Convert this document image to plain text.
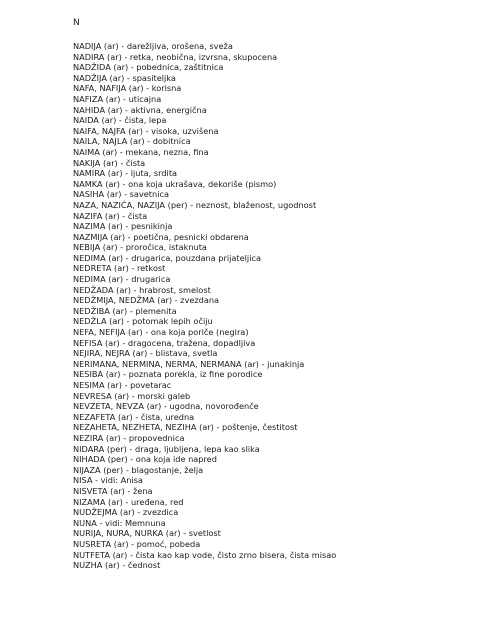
N

NADIJA (ar) - darežljiva, orošena, sveža
NADIRA (ar) - retka, neobična, izvrsna, skupocena
NADŽIDA (ar) - pobednica, zaštitnica
NADŽIJA (ar) - spasiteljka
NAFA, NAFIJA (ar) - korisna
NAFIZA (ar) - uticajna
NAHIDA (ar) - aktivna, energična
NAIDA (ar) - čista, lepa
NAIFA, NAJFA (ar) - visoka, uzvišena
NAILA, NAJLA (ar) - dobitnica
NAIMA (ar) - mekana, nezna, fina
NAKIJA (ar) - čista
NAMIRA (ar) - ljuta, srdita
NAMKA (ar) - ona koja ukrašava, dekoriše (pismo)
NASIHA (ar) - savetnica
NAZA, NAZIĆA, NAZIJA (per) - neznost, blaženost, ugodnost
NAZIFA (ar) - čista
NAZIMA (ar) - pesnikinja
NAZMIJA (ar) - poetična, pesnicki obdarena
NEBIJA (ar) - proročica, istaknuta
NEDIMA (ar) - drugarica, pouzdana prijateljica
NEDRETA (ar) - retkost
NEDIMA (ar) - drugarica
NEDŽADA (ar) - hrabrost, smelost
NEDŽMIJA, NEDŽMA (ar) - zvezdana
NEDŽIBA (ar) - plemenita
NEDŽLA (ar) - potomak lepih očiju
NEFA, NEFIJA (ar) - ona koja poriče (negira)
NEFISA (ar) - dragocena, tražena, dopadljiva
NEJIRA, NEJRA (ar) - blistava, svetla
NERIMANA, NERMINA, NERMA, NERMANA (ar) - junakinja
NESIBA (ar) - poznata porekla, iz fine porodice
NESIMA (ar) - povetarac
NEVRESA (ar) - morski galeb
NEVZETA, NEVZA (ar) - ugodna, novorođenče
NEZAFETA (ar) - čista, uredna
NEZAHETA, NEZHETA, NEZIHA (ar) - poštenje, čestitost
NEZIRA (ar) - propovednica
NIDARA (per) - draga, ljubljena, lepa kao slika
NIHADA (per) - ona koja ide napred
NIJAZA (per) - blagostanje, želja
NISA - vidi: Anisa
NISVETA (ar) - žena
NIZAMA (ar) - uređena, red
NUDŽEJMA (ar) - zvezdica
NUNA - vidi: Memnuna
NURIJA, NURA, NURKA (ar) - svetlost
NUSRETA (ar) - pomoć, pobeda
NUTFETA (ar) - čista kao kap vode, čisto zrno bisera, čista misao
NUZHA (ar) - čednost
